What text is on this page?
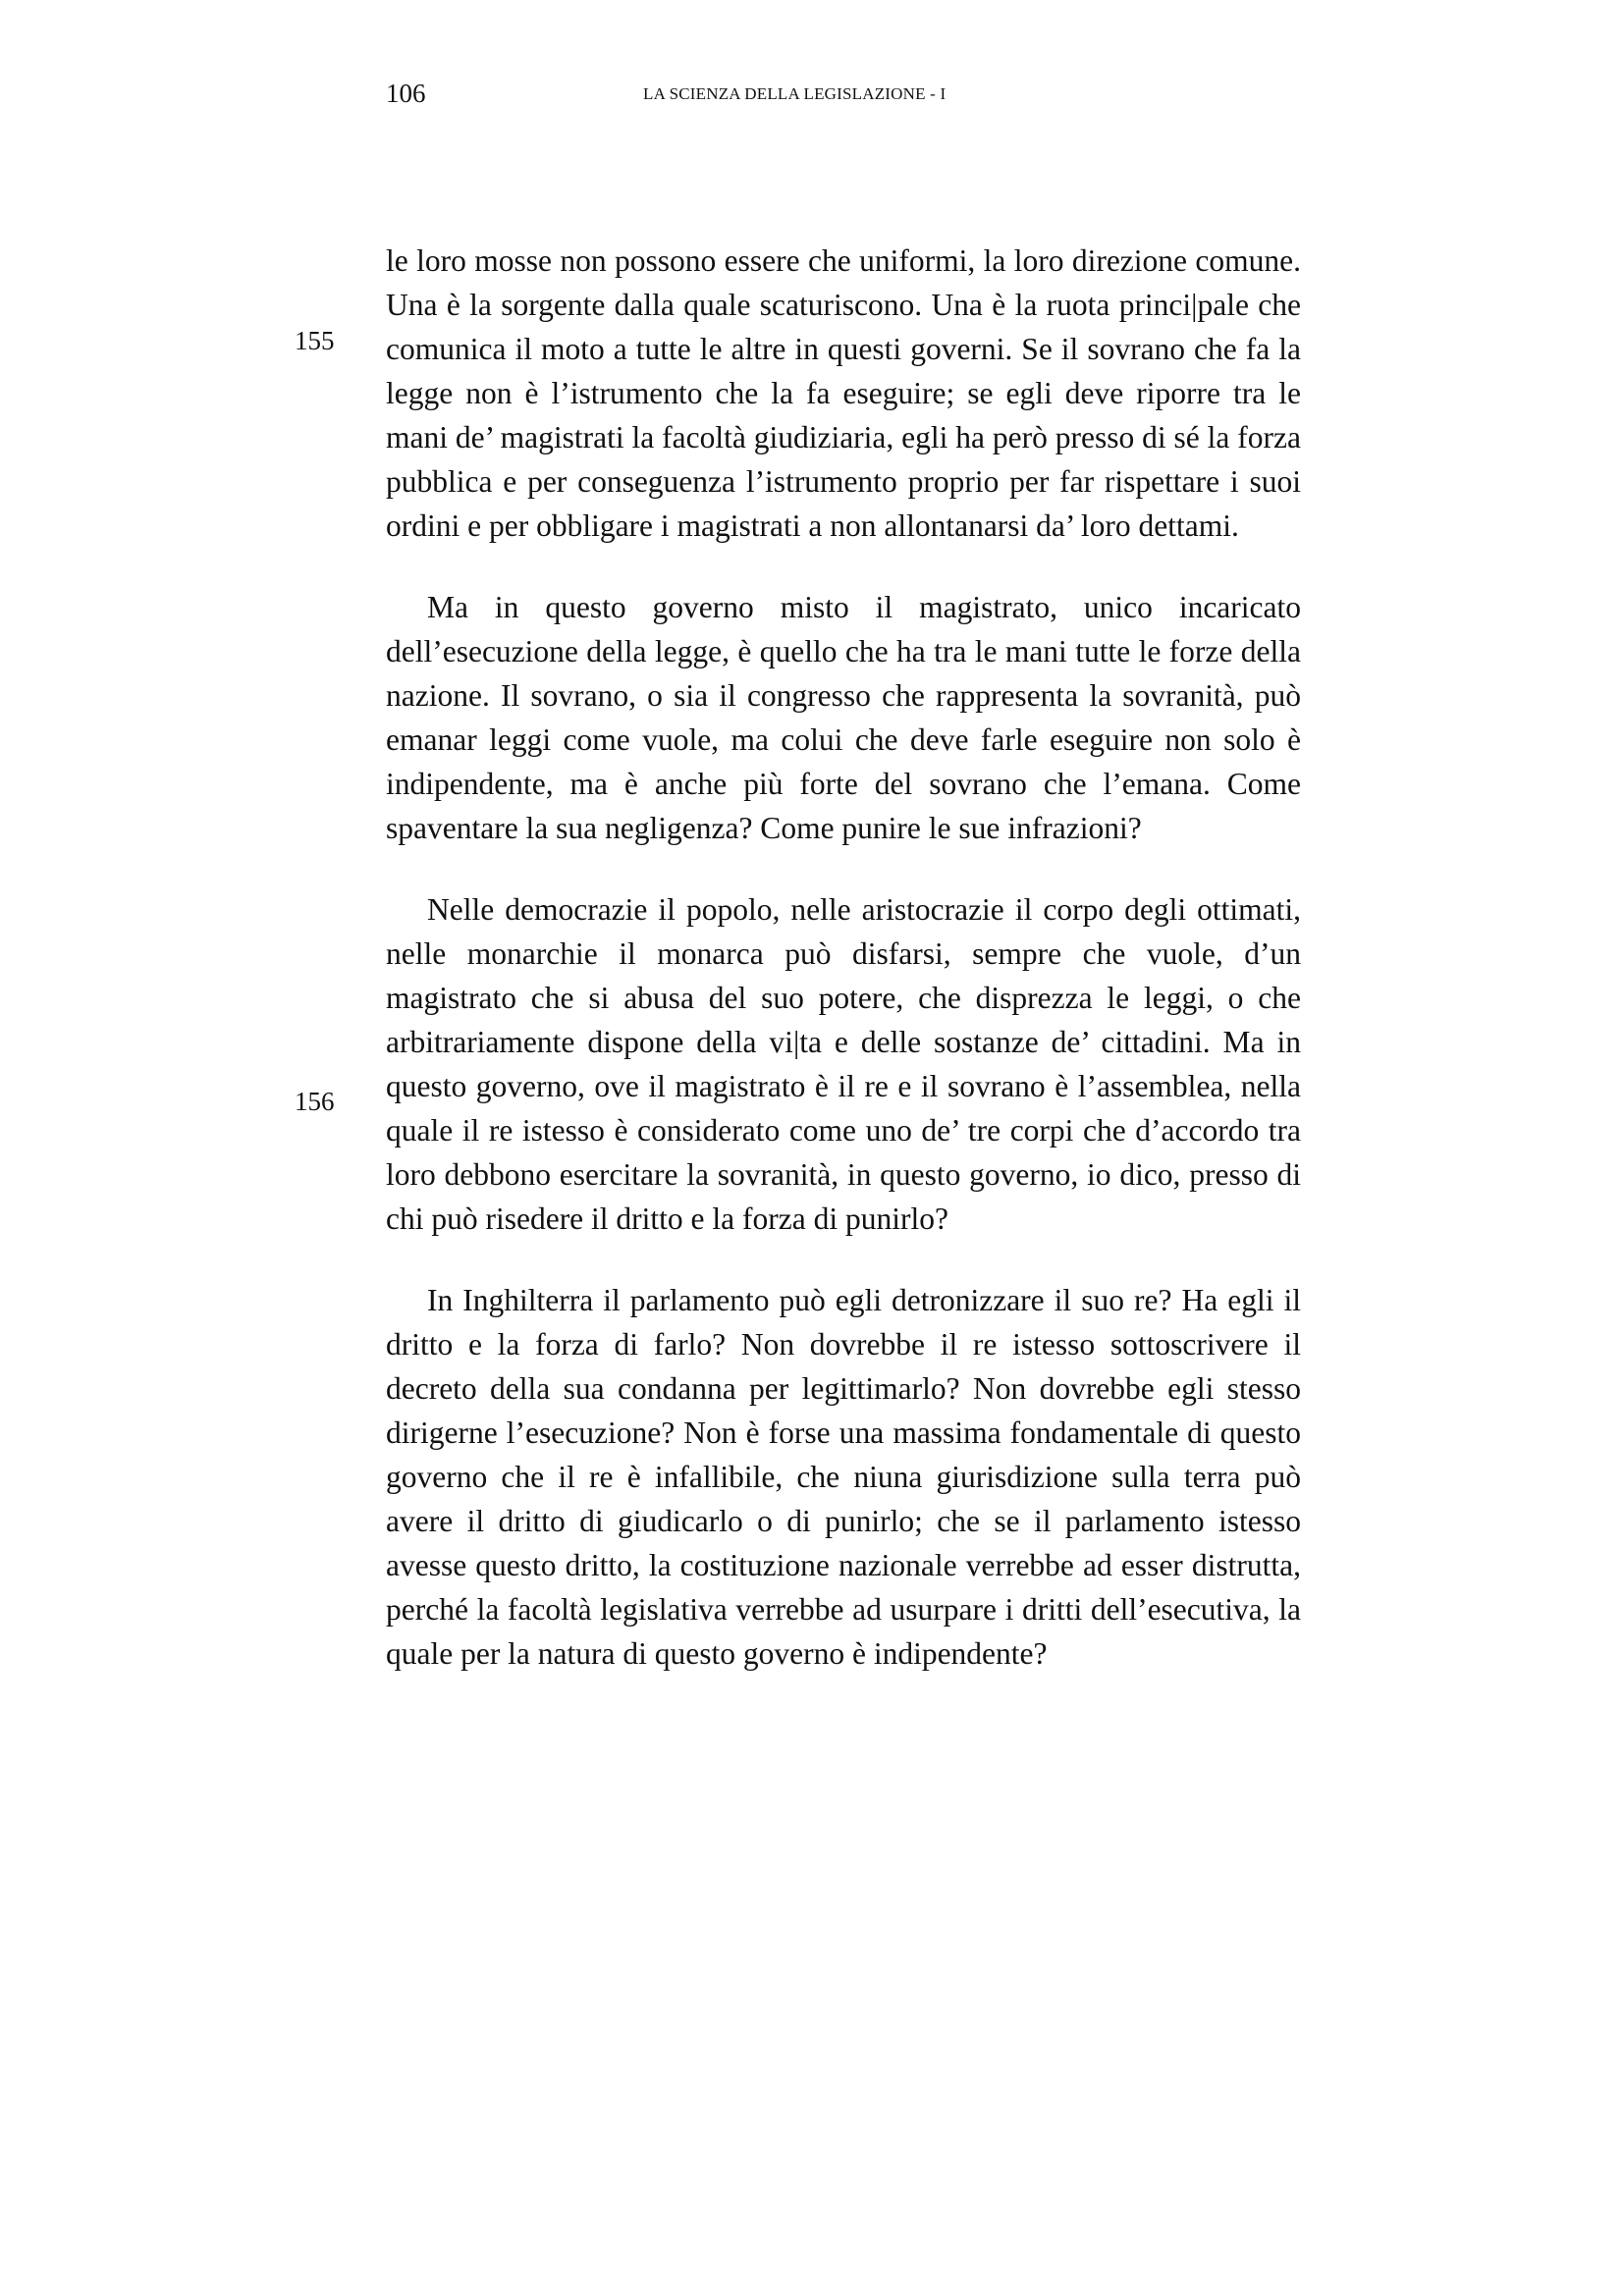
106	LA SCIENZA DELLA LEGISLAZIONE - I
155
156

le loro mosse non possono essere che uniformi, la loro direzione comune. Una è la sorgente dalla quale scaturiscono. Una è la ruota princi|pale che comunica il moto a tutte le altre in questi governi. Se il sovrano che fa la legge non è l’istrumento che la fa eseguire; se egli deve riporre tra le mani de’ magistrati la facoltà giudiziaria, egli ha però presso di sé la forza pubblica e per conseguenza l’istrumento proprio per far rispettare i suoi ordini e per obbligare i magistrati a non allontanarsi da’ loro dettami.

Ma in questo governo misto il magistrato, unico incaricato dell’esecuzione della legge, è quello che ha tra le mani tutte le forze della nazione. Il sovrano, o sia il congresso che rappresenta la sovranità, può emanar leggi come vuole, ma colui che deve farle eseguire non solo è indipendente, ma è anche più forte del sovrano che l’emana. Come spaventare la sua negligenza? Come punire le sue infrazioni?

Nelle democrazie il popolo, nelle aristocrazie il corpo degli ottimati, nelle monarchie il monarca può disfarsi, sempre che vuole, d’un magistrato che si abusa del suo potere, che disprezza le leggi, o che arbitrariamente dispone della vi|ta e delle sostanze de’ cittadini. Ma in questo governo, ove il magistrato è il re e il sovrano è l’assemblea, nella quale il re istesso è considerato come uno de’ tre corpi che d’accordo tra loro debbono esercitare la sovranità, in questo governo, io dico, presso di chi può risedere il dritto e la forza di punirlo?

In Inghilterra il parlamento può egli detronizzare il suo re? Ha egli il dritto e la forza di farlo? Non dovrebbe il re istesso sottoscrivere il decreto della sua condanna per legittimarlo? Non dovrebbe egli stesso dirigerne l’esecuzione? Non è forse una massima fondamentale di questo governo che il re è infallibile, che niuna giurisdizione sulla terra può avere il dritto di giudicarlo o di punirlo; che se il parlamento istesso avesse questo dritto, la costituzione nazionale verrebbe ad esser distrutta, perché la facoltà legislativa verrebbe ad usurpare i dritti dell’esecutiva, la quale per la natura di questo governo è indipendente?
